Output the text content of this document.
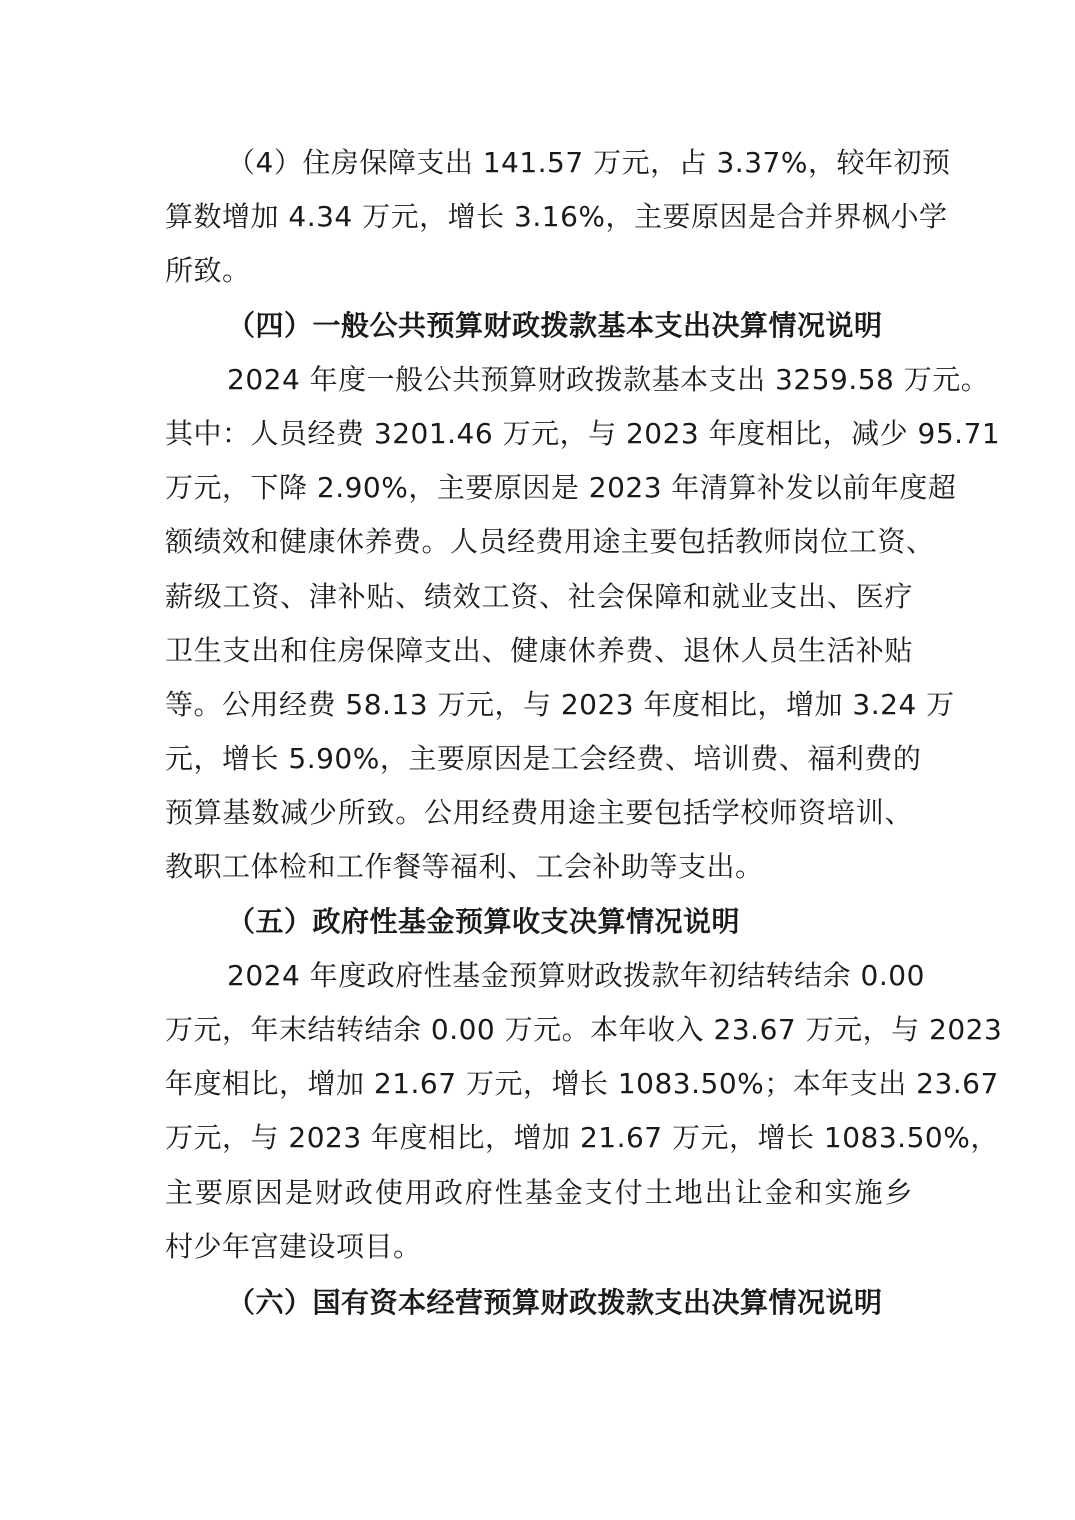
（4）住房保障支出 141.57 万元，占 3.37%，较年初预
算数增加 4.34 万元，增长 3.16%，主要原因是合并界枫小学
所致。
（四）一般公共预算财政拨款基本支出决算情况说明
2024 年度一般公共预算财政拨款基本支出 3259.58 万元。
其中：人员经费 3201.46 万元，与 2023 年度相比，减少 95.71
万元，下降 2.90%，主要原因是 2023 年清算补发以前年度超
额绩效和健康休养费。人员经费用途主要包括教师岗位工资、
薪级工资、津补贴、绩效工资、社会保障和就业支出、医疗
卫生支出和住房保障支出、健康休养费、退休人员生活补贴
等。公用经费 58.13 万元，与 2023 年度相比，增加 3.24 万
元，增长 5.90%，主要原因是工会经费、培训费、福利费的
预算基数减少所致。公用经费用途主要包括学校师资培训、
教职工体检和工作餐等福利、工会补助等支出。
（五）政府性基金预算收支决算情况说明
2024 年度政府性基金预算财政拨款年初结转结余 0.00
万元，年末结转结余 0.00 万元。本年收入 23.67 万元，与 2023
年度相比，增加 21.67 万元，增长 1083.50%；本年支出 23.67
万元，与 2023 年度相比，增加 21.67 万元，增长 1083.50%，
主要原因是财政使用政府性基金支付土地出让金和实施乡
村少年宫建设项目。
（六）国有资本经营预算财政拨款支出决算情况说明
